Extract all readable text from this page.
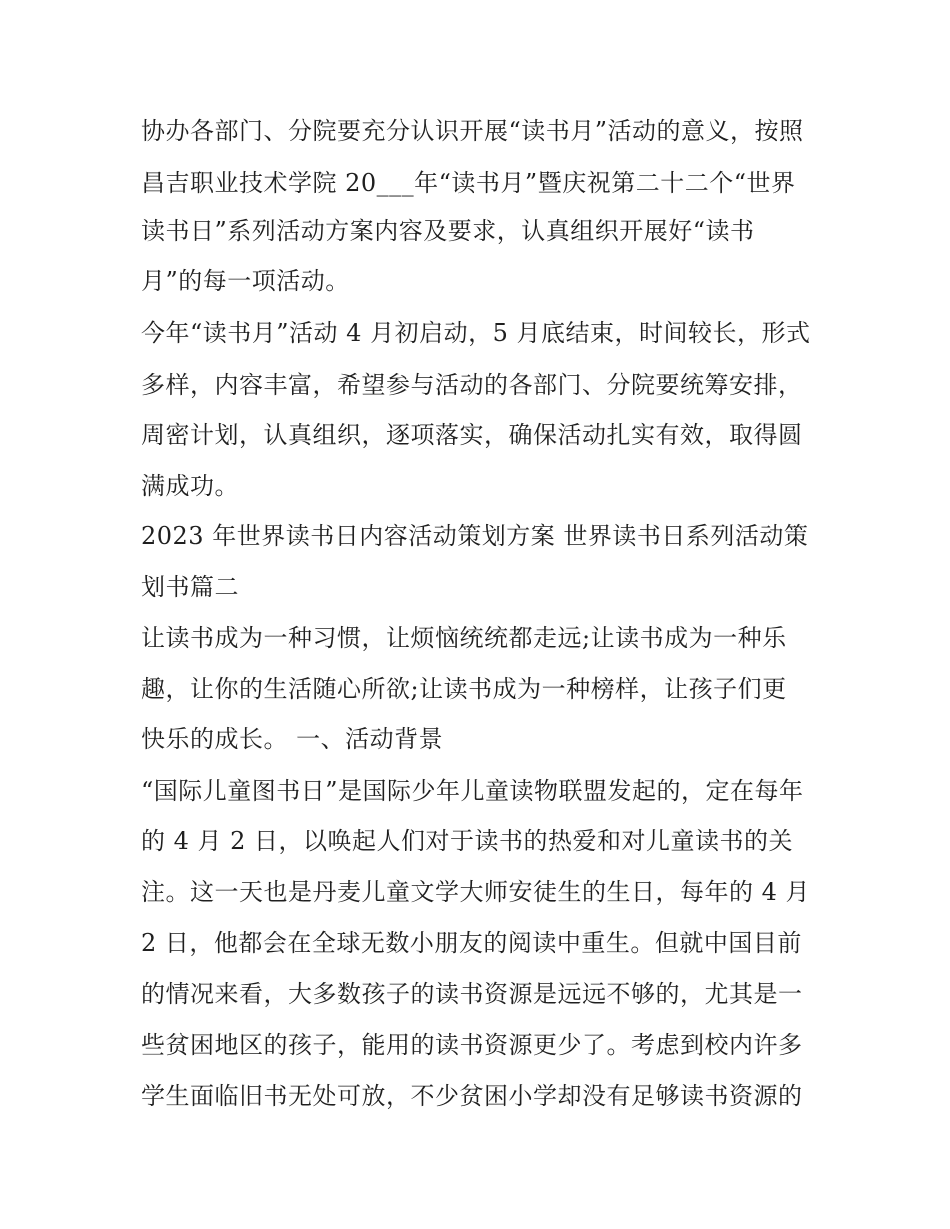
协办各部门、分院要充分认识开展“读书月”活动的意义，按照
昌吉职业技术学院 20___年“读书月”暨庆祝第二十二个“世界
读书日”系列活动方案内容及要求，认真组织开展好“读书
月”的每一项活动。
今年“读书月”活动 4 月初启动，5 月底结束，时间较长，形式
多样，内容丰富，希望参与活动的各部门、分院要统筹安排，
周密计划，认真组织，逐项落实，确保活动扎实有效，取得圆
满成功。
2023 年世界读书日内容活动策划方案 世界读书日系列活动策
划书篇二
让读书成为一种习惯，让烦恼统统都走远;让读书成为一种乐
趣，让你的生活随心所欲;让读书成为一种榜样，让孩子们更
快乐的成长。 一、活动背景
“国际儿童图书日”是国际少年儿童读物联盟发起的，定在每年
的 4 月 2 日，以唤起人们对于读书的热爱和对儿童读书的关
注。这一天也是丹麦儿童文学大师安徒生的生日，每年的 4 月
2 日，他都会在全球无数小朋友的阅读中重生。但就中国目前
的情况来看，大多数孩子的读书资源是远远不够的，尤其是一
些贫困地区的孩子，能用的读书资源更少了。考虑到校内许多
学生面临旧书无处可放，不少贫困小学却没有足够读书资源的
